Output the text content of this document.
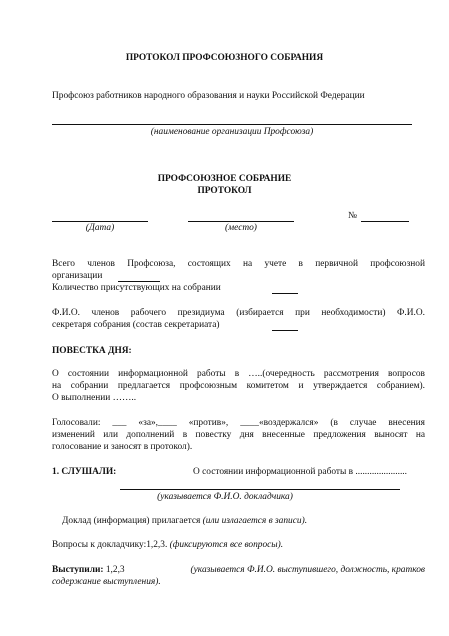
ПРОТОКОЛ ПРОФСОЮЗНОГО СОБРАНИЯ
Профсоюз работников народного образования и науки Российской Федерации
(наименование организации Профсоюза)
ПРОФСОЮЗНОЕ СОБРАНИЕ
ПРОТОКОЛ
(Дата)	(место)
№
Всего членов Профсоюза, состоящих на учете в первичной профсоюзной
организации
Количество присутствующих на собрании
Ф.И.О. членов рабочего президиума (избирается при необходимости) Ф.И.О.
секретаря собрания (состав секретариата)
ПОВЕСТКА ДНЯ:
О состоянии информационной работы в …..(очередность рассмотрения вопросов
на собрании предлагается профсоюзным комитетом и утверждается собранием).
О выполнении ……..
Голосовали: ___ «за»,____ «против», ____«воздержался» (в случае внесения
изменений или дополнений в повестку дня внесенные предложения выносят на
голосование и заносят в протокол).
1. СЛУШАЛИ:	О состоянии информационной работы в ......................
(указывается Ф.И.О. докладчика)
Доклад (информация) прилагается (или излагается в записи).
Вопросы к докладчику:1,2,3. (фиксируются все вопросы).
Выступили: 1,2,3	(указывается Ф.И.О. выступившего, должность, кратков
содержание выступления).
